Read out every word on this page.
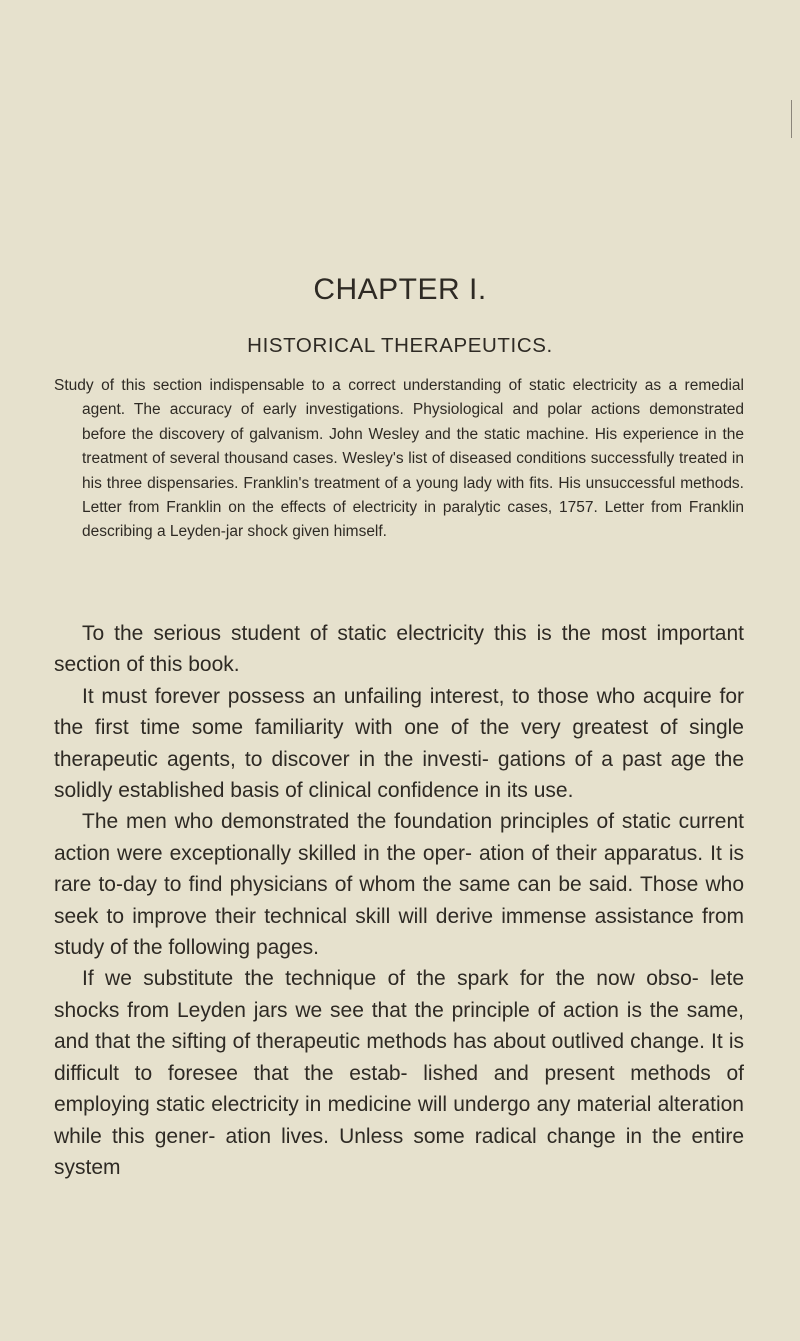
CHAPTER I.
HISTORICAL THERAPEUTICS.

Study of this section indispensable to a correct understanding of static electricity as a remedial agent. The accuracy of early investigations. Physiological and polar actions demonstrated before the discovery of galvanism. John Wesley and the static machine. His experience in the treatment of several thousand cases. Wesley's list of diseased conditions successfully treated in his three dispensaries. Franklin's treatment of a young lady with fits. His unsuccessful methods. Letter from Franklin on the effects of electricity in paralytic cases, 1757. Letter from Franklin describing a Leyden-jar shock given himself.

To the serious student of static electricity this is the most important section of this book.

It must forever possess an unfailing interest, to those who acquire for the first time some familiarity with one of the very greatest of single therapeutic agents, to discover in the investi- gations of a past age the solidly established basis of clinical confidence in its use.

The men who demonstrated the foundation principles of static current action were exceptionally skilled in the oper- ation of their apparatus. It is rare to-day to find physicians of whom the same can be said. Those who seek to improve their technical skill will derive immense assistance from study of the following pages.

If we substitute the technique of the spark for the now obso- lete shocks from Leyden jars we see that the principle of action is the same, and that the sifting of therapeutic methods has about outlived change. It is difficult to foresee that the estab- lished and present methods of employing static electricity in medicine will undergo any material alteration while this gener- ation lives. Unless some radical change in the entire system
